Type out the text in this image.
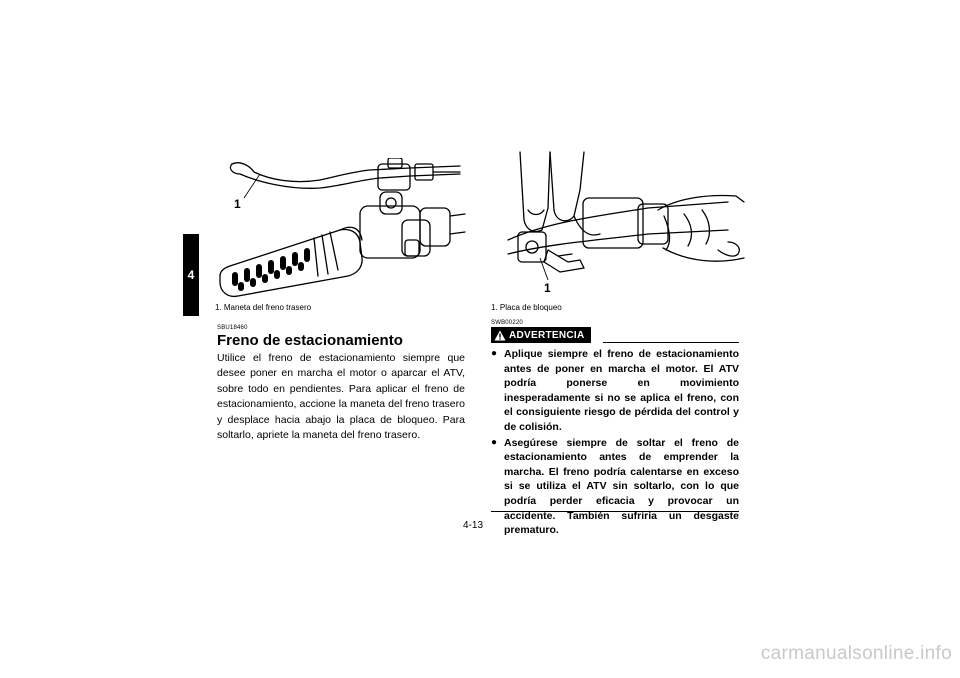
4
1
1. Maneta del freno trasero
1
1. Placa de bloqueo
SBU18460
Freno de estacionamiento

Utilice el freno de estacionamiento siempre que desee poner en marcha el motor o aparcar el ATV, sobre todo en pendientes. Para aplicar el freno de estacionamiento, accione la maneta del freno trasero y desplace hacia abajo la placa de bloqueo. Para soltarlo, apriete la maneta del freno trasero.

SWB00220
ADVERTENCIA
● Aplique siempre el freno de estacionamiento antes de poner en marcha el motor. El ATV podría ponerse en movimiento inesperadamente si no se aplica el freno, con el consiguiente riesgo de pérdida del control y de colisión.
● Asegúrese siempre de soltar el freno de estacionamiento antes de emprender la marcha. El freno podría calentarse en exceso si se utiliza el ATV sin soltarlo, con lo que podría perder eficacia y provocar un accidente. También sufriría un desgaste prematuro.
4-13
carmanualsonline.info
